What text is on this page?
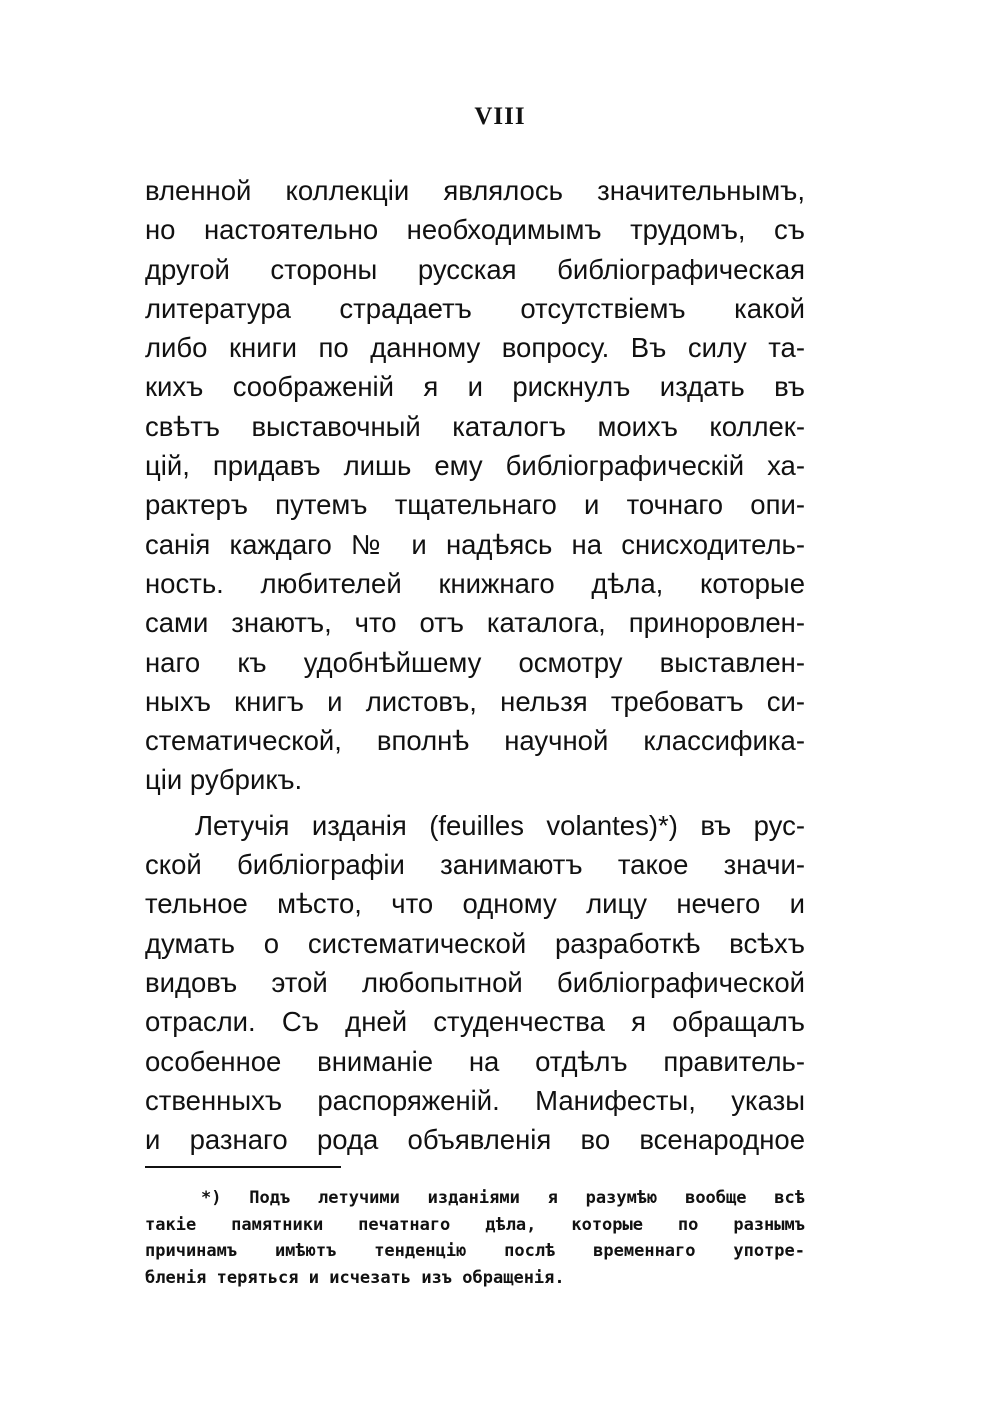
VIII
вленной коллекціи являлось значительнымъ,
но настоятельно необходимымъ трудомъ, съ
другой стороны русская библіографическая
литература страдаетъ отсутствіемъ какой
либо книги по данному вопросу. Въ силу та-
кихъ соображеній я и рискнулъ издать въ
свѣтъ выставочный каталогъ моихъ коллек-
цій, придавъ лишь ему библіографическій ха-
рактеръ путемъ тщательнаго и точнаго опи-
санія каждаго № и надѣясь на снисходитель-
ность. любителей книжнаго дѣла, которые
сами знаютъ, что отъ каталога, приноровлен-
наго къ удобнѣйшему осмотру выставлен-
ныхъ книгъ и листовъ, нельзя требоватъ си-
стематической, вполнѣ научной классифика-
ціи рубрикъ.
Летучія изданія (feuilles volantes)*) въ рус-
ской библіографіи занимаютъ такое значи-
тельное мѣсто, что одному лицу нечего и
думать о систематической разработкѣ всѣхъ
видовъ этой любопытной библіографической
отрасли. Съ дней студенчества я обращалъ
особенное вниманіе на отдѣлъ правитель-
ственныхъ распоряженій. Манифесты, указы
и разнаго рода объявленія во всенародное
*) Подъ летучими изданіями я разумѣю вообще всѣ
такіе памятники печатнаго дѣла, которые по разнымъ
причинамъ имѣютъ тенденцію послѣ временнаго употре-
бленія теряться и исчезать изъ обращенія.
